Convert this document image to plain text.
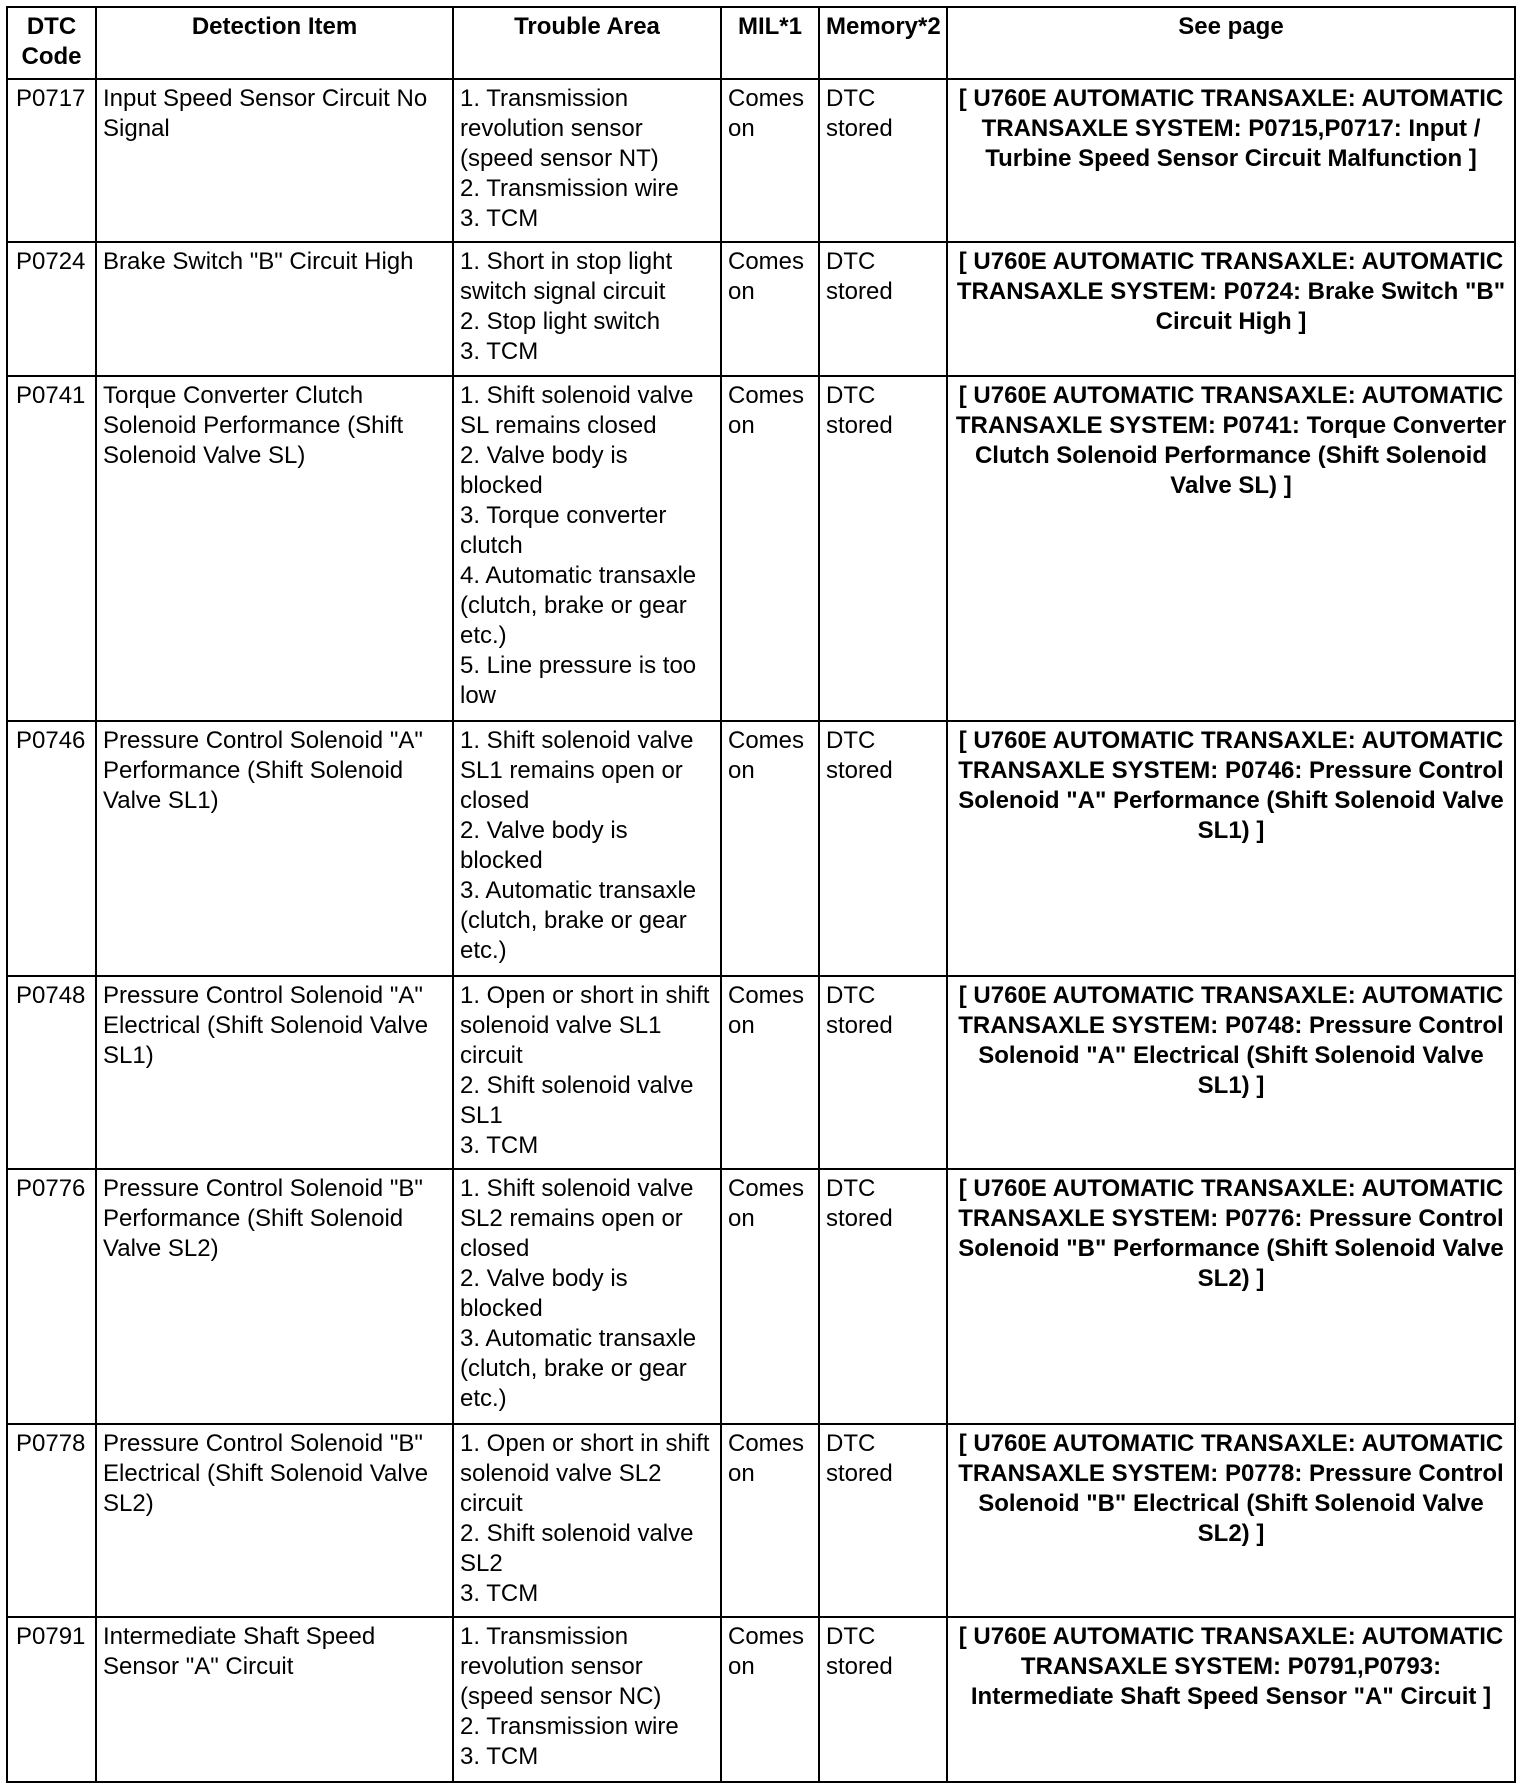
DTC
Code	Detection Item	Trouble Area	MIL*1	Memory*2	See page
P0717	Input Speed Sensor Circuit No Signal	1. Transmission revolution sensor (speed sensor NT)
2. Transmission wire
3. TCM	Comes on	DTC stored	[ U760E AUTOMATIC TRANSAXLE: AUTOMATIC TRANSAXLE SYSTEM: P0715,P0717: Input / Turbine Speed Sensor Circuit Malfunction ]
P0724	Brake Switch "B" Circuit High	1. Short in stop light switch signal circuit
2. Stop light switch
3. TCM	Comes on	DTC stored	[ U760E AUTOMATIC TRANSAXLE: AUTOMATIC TRANSAXLE SYSTEM: P0724: Brake Switch "B" Circuit High ]
P0741	Torque Converter Clutch Solenoid Performance (Shift Solenoid Valve SL)	1. Shift solenoid valve SL remains closed
2. Valve body is blocked
3. Torque converter clutch
4. Automatic transaxle (clutch, brake or gear etc.)
5. Line pressure is too low	Comes on	DTC stored	[ U760E AUTOMATIC TRANSAXLE: AUTOMATIC TRANSAXLE SYSTEM: P0741: Torque Converter Clutch Solenoid Performance (Shift Solenoid Valve SL) ]
P0746	Pressure Control Solenoid "A" Performance (Shift Solenoid Valve SL1)	1. Shift solenoid valve SL1 remains open or closed
2. Valve body is blocked
3. Automatic transaxle (clutch, brake or gear etc.)	Comes on	DTC stored	[ U760E AUTOMATIC TRANSAXLE: AUTOMATIC TRANSAXLE SYSTEM: P0746: Pressure Control Solenoid "A" Performance (Shift Solenoid Valve SL1) ]
P0748	Pressure Control Solenoid "A" Electrical (Shift Solenoid Valve SL1)	1. Open or short in shift solenoid valve SL1 circuit
2. Shift solenoid valve SL1
3. TCM	Comes on	DTC stored	[ U760E AUTOMATIC TRANSAXLE: AUTOMATIC TRANSAXLE SYSTEM: P0748: Pressure Control Solenoid "A" Electrical (Shift Solenoid Valve SL1) ]
P0776	Pressure Control Solenoid "B" Performance (Shift Solenoid Valve SL2)	1. Shift solenoid valve SL2 remains open or closed
2. Valve body is blocked
3. Automatic transaxle (clutch, brake or gear etc.)	Comes on	DTC stored	[ U760E AUTOMATIC TRANSAXLE: AUTOMATIC TRANSAXLE SYSTEM: P0776: Pressure Control Solenoid "B" Performance (Shift Solenoid Valve SL2) ]
P0778	Pressure Control Solenoid "B" Electrical (Shift Solenoid Valve SL2)	1. Open or short in shift solenoid valve SL2 circuit
2. Shift solenoid valve SL2
3. TCM	Comes on	DTC stored	[ U760E AUTOMATIC TRANSAXLE: AUTOMATIC TRANSAXLE SYSTEM: P0778: Pressure Control Solenoid "B" Electrical (Shift Solenoid Valve SL2) ]
P0791	Intermediate Shaft Speed Sensor "A" Circuit	1. Transmission revolution sensor (speed sensor NC)
2. Transmission wire
3. TCM	Comes on	DTC stored	[ U760E AUTOMATIC TRANSAXLE: AUTOMATIC TRANSAXLE SYSTEM: P0791,P0793: Intermediate Shaft Speed Sensor "A" Circuit ]
